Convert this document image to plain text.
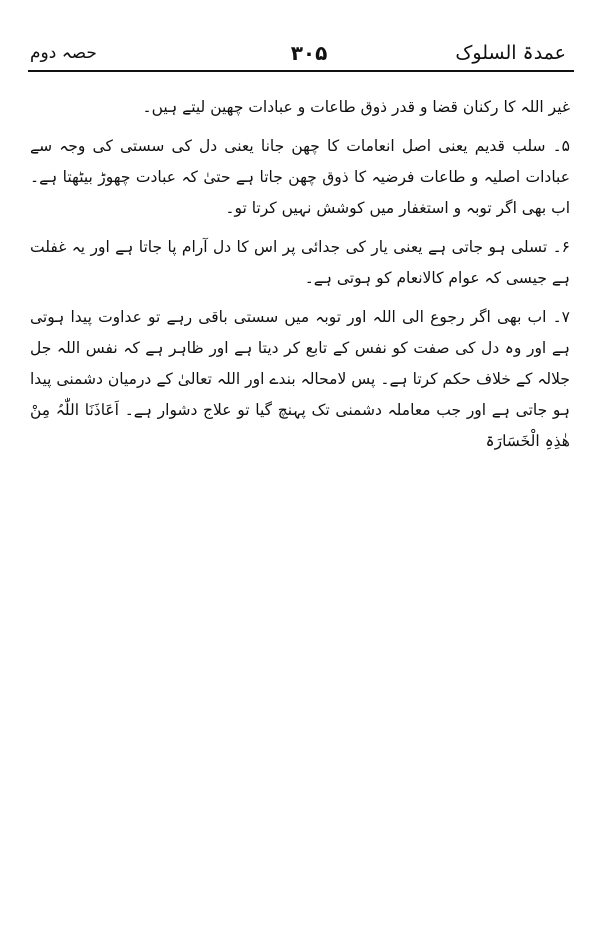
عمدۃ السلوک
۳۰۵
حصہ دوم

غیر اللہ کا رکنان قضا و قدر ذوق طاعات و عبادات چھین لیتے ہیں۔

۵۔ سلب قدیم یعنی اصل انعامات کا چھن جانا یعنی دل کی سستی کی وجہ سے عبادات اصلیہ و طاعات فرضیہ کا ذوق چھن جاتا ہے حتیٰ کہ عبادت چھوڑ بیٹھتا ہے۔ اب بھی اگر توبہ و استغفار میں کوشش نہیں کرتا تو۔

۶۔ تسلی ہو جاتی ہے یعنی یار کی جدائی پر اس کا دل آرام پا جاتا ہے اور یہ غفلت ہے جیسی کہ عوام کالانعام کو ہوتی ہے۔

۷۔ اب بھی اگر رجوع الی اللہ اور توبہ میں سستی باقی رہے تو عداوت پیدا ہوتی ہے اور وہ دل کی صفت کو نفس کے تابع کر دیتا ہے اور ظاہر ہے کہ نفس اللہ جل جلالہ کے خلاف حکم کرتا ہے۔ پس لامحالہ بندے اور اللہ تعالیٰ کے درمیان دشمنی پیدا ہو جاتی ہے اور جب معاملہ دشمنی تک پہنچ گیا تو علاج دشوار ہے۔ اَعَاذَنَا اللّٰہُ مِنْ ھٰذِہِ الْخَسَارَۃ
